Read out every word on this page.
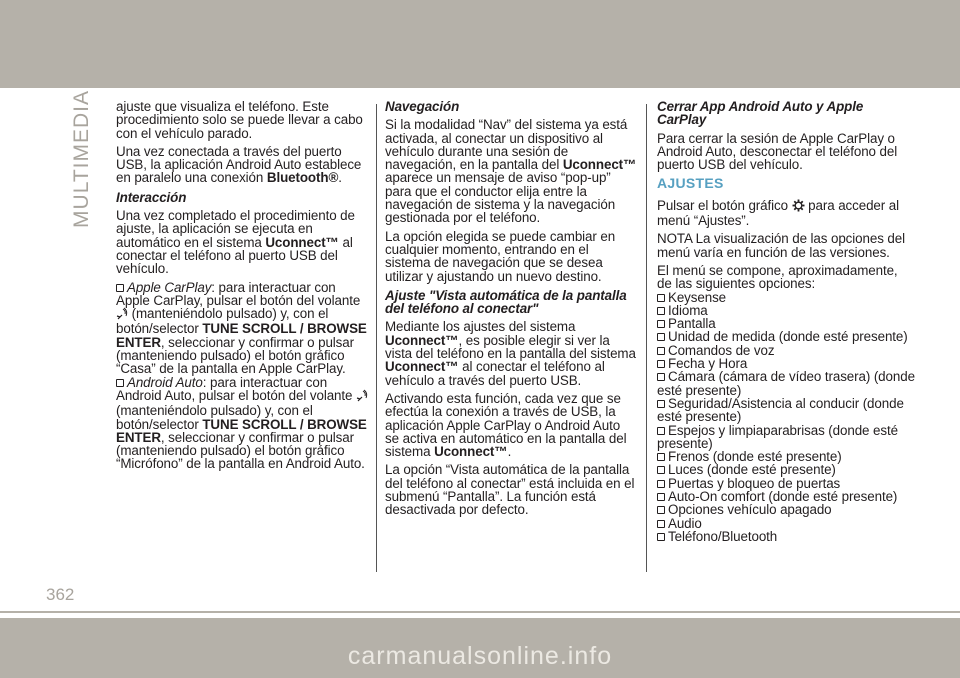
MULTIMEDIA ajuste que visualiza el teléfono. Este procedimiento solo se puede llevar a cabo con el vehículo parado.

Una vez conectada a través del puerto USB, la aplicación Android Auto establece en paralelo una conexión Bluetooth®.

Interacción

Una vez completado el procedimiento de ajuste, la aplicación se ejecuta en automático en el sistema Uconnect™ al conectar el teléfono al puerto USB del vehículo.

Apple CarPlay: para interactuar con Apple CarPlay, pulsar el botón del volante  (manteniéndolo pulsado) y, con el botón/selector TUNE SCROLL / BROWSE ENTER, seleccionar y confirmar o pulsar (manteniendo pulsado) el botón gráfico “Casa” de la pantalla en Apple CarPlay.
Android Auto: para interactuar con Android Auto, pulsar el botón del volante  (manteniéndolo pulsado) y, con el botón/selector TUNE SCROLL / BROWSE ENTER, seleccionar y confirmar o pulsar (manteniendo pulsado) el botón gráfico “Micrófono” de la pantalla en Android Auto.
Navegación

Si la modalidad “Nav” del sistema ya está activada, al conectar un dispositivo al vehículo durante una sesión de navegación, en la pantalla del Uconnect™ aparece un mensaje de aviso “pop-up” para que el conductor elija entre la navegación de sistema y la navegación gestionada por el teléfono.

La opción elegida se puede cambiar en cualquier momento, entrando en el sistema de navegación que se desea utilizar y ajustando un nuevo destino.

Ajuste "Vista automática de la pantalla del teléfono al conectar"

Mediante los ajustes del sistema Uconnect™, es posible elegir si ver la vista del teléfono en la pantalla del sistema Uconnect™ al conectar el teléfono al vehículo a través del puerto USB.

Activando esta función, cada vez que se efectúa la conexión a través de USB, la aplicación Apple CarPlay o Android Auto se activa en automático en la pantalla del sistema Uconnect™.

La opción “Vista automática de la pantalla del teléfono al conectar” está incluida en el submenú “Pantalla”. La función está desactivada por defecto.

Cerrar App Android Auto y Apple CarPlay

Para cerrar la sesión de Apple CarPlay o Android Auto, desconectar el teléfono del puerto USB del vehículo.

AJUSTES

Pulsar el botón gráfico  para acceder al menú “Ajustes”.

NOTA La visualización de las opciones del menú varía en función de las versiones.

El menú se compone, aproximadamente, de las siguientes opciones:

Keysense
Idioma
Pantalla
Unidad de medida (donde esté presente)
Comandos de voz
Fecha y Hora
Cámara (cámara de vídeo trasera) (donde esté presente)
Seguridad/Asistencia al conducir (donde esté presente)
Espejos y limpiaparabrisas (donde esté presente)
Frenos (donde esté presente)
Luces (donde esté presente)
Puertas y bloqueo de puertas
Auto-On comfort (donde esté presente)
Opciones vehículo apagado
Audio
Teléfono/Bluetooth
362
carmanualsonline.info
